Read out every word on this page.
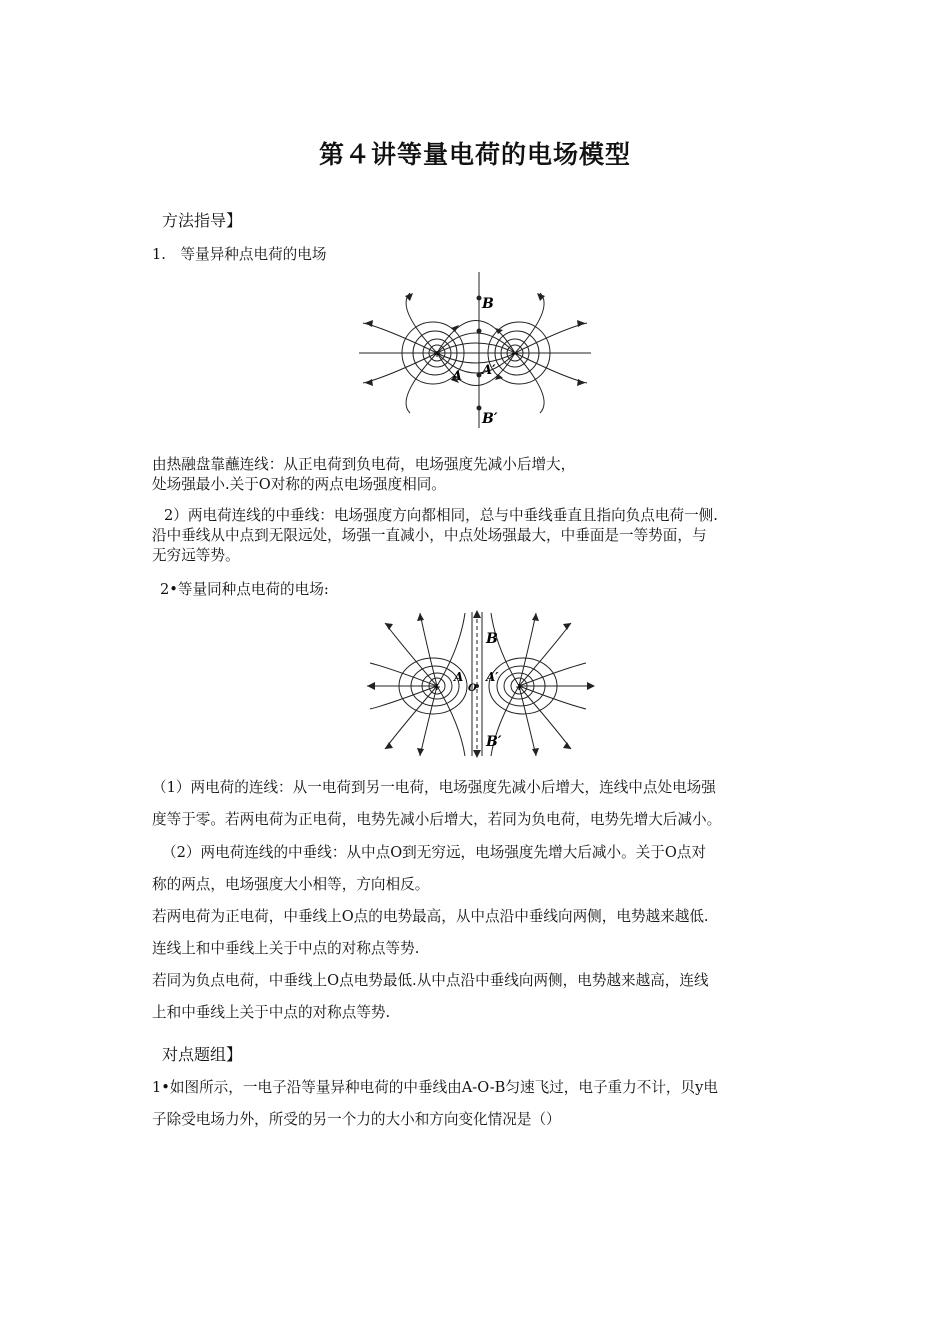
第４讲等量电荷的电场模型
方法指导】
1.　等量异种点电荷的电场
+	−
B
A A′
B′
由热融盘靠蘸连线：从正电荷到负电荷，电场强度先减小后增大，
处场强最小.关于O对称的两点电场强度相同。
2）两电荷连线的中垂线：电场强度方向都相同，总与中垂线垂直且指向负点电荷一侧.
沿中垂线从中点到无限远处，场强一直减小，中点处场强最大，中垂面是一等势面，与
无穷远等势。
2•等量同种点电荷的电场:
+	+
B
A
O
A′
B′
（1）两电荷的连线：从一电荷到另一电荷，电场强度先减小后增大，连线中点处电场强
度等于零。若两电荷为正电荷，电势先减小后增大，若同为负电荷，电势先增大后减小。
（2）两电荷连线的中垂线：从中点O到无穷远，电场强度先增大后减小。关于O点对
称的两点，电场强度大小相等，方向相反。
若两电荷为正电荷，中垂线上O点的电势最高，从中点沿中垂线向两侧，电势越来越低.
连线上和中垂线上关于中点的对称点等势.
若同为负点电荷，中垂线上O点电势最低.从中点沿中垂线向两侧，电势越来越高，连线
上和中垂线上关于中点的对称点等势.
对点题组】
1•如图所示，一电子沿等量异种电荷的中垂线由A-O-B匀速飞过，电子重力不计，贝y电
子除受电场力外，所受的另一个力的大小和方向变化情况是（）
